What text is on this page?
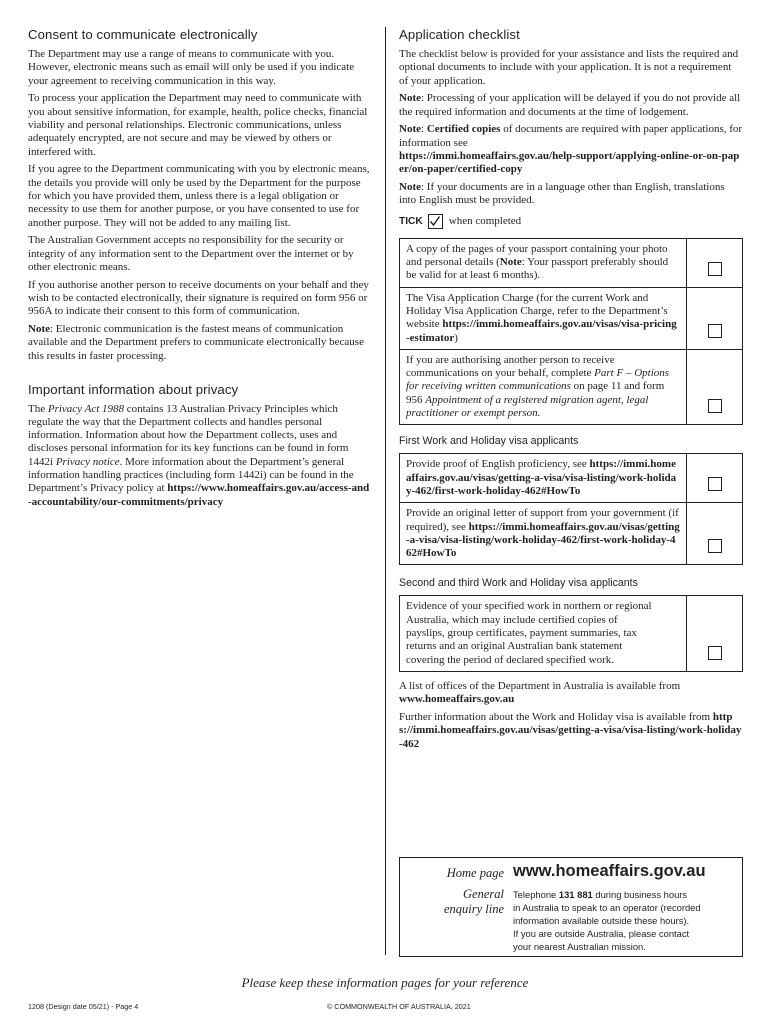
Consent to communicate electronically

The Department may use a range of means to communicate with you. However, electronic means such as email will only be used if you indicate your agreement to receiving communication in this way.

To process your application the Department may need to communicate with you about sensitive information, for example, health, police checks, financial viability and personal relationships. Electronic communications, unless adequately encrypted, are not secure and may be viewed by others or interfered with.

If you agree to the Department communicating with you by electronic means, the details you provide will only be used by the Department for the purpose for which you have provided them, unless there is a legal obligation or necessity to use them for another purpose, or you have consented to use for another purpose. They will not be added to any mailing list.

The Australian Government accepts no responsibility for the security or integrity of any information sent to the Department over the internet or by other electronic means.

If you authorise another person to receive documents on your behalf and they wish to be contacted electronically, their signature is required on form 956 or 956A to indicate their consent to this form of communication.

Note: Electronic communication is the fastest means of communication available and the Department prefers to communicate electronically because this results in faster processing.

Important information about privacy

The Privacy Act 1988 contains 13 Australian Privacy Principles which regulate the way that the Department collects and handles personal information. Information about how the Department collects, uses and discloses personal information for its key functions can be found in form 1442i Privacy notice. More information about the Department’s general information handling practices (including form 1442i) can be found in the Department’s Privacy policy at https://www.homeaffairs.gov.au/access-and-accountability/our-commitments/privacy

Application checklist

The checklist below is provided for your assistance and lists the required and optional documents to include with your application. It is not a requirement of your application.

Note: Processing of your application will be delayed if you do not provide all the required information and documents at the time of lodgement.

Note: Certified copies of documents are required with paper applications, for information see
https://immi.homeaffairs.gov.au/help-support/applying-online-or-on-paper/on-paper/certified-copy

Note: If your documents are in a language other than English, translations into English must be provided.

TICK when completed
A copy of the pages of your passport containing your photo and personal details (Note: Your passport preferably should be valid for at least 6 months).	
The Visa Application Charge (for the current Work and Holiday Visa Application Charge, refer to the Department’s website https://immi.homeaffairs.gov.au/visas/visa-pricing-estimator)	
If you are authorising another person to receive communications on your behalf, complete Part F – Options for receiving written communications on page 11 and form 956 Appointment of a registered migration agent, legal practitioner or exempt person.	
First Work and Holiday visa applicants
Provide proof of English proficiency, see https://immi.homeaffairs.gov.au/visas/getting-a-visa/visa-listing/work-holiday-462/first-work-holiday-462#HowTo	
Provide an original letter of support from your government (if required), see https://immi.homeaffairs.gov.au/visas/getting-a-visa/visa-listing/work-holiday-462/first-work-holiday-462#HowTo	
Second and third Work and Holiday visa applicants
Evidence of your specified work in northern or regional Australia, which may include certified copies of payslips, group certificates, payment summaries, tax returns and an original Australian bank statement covering the period of declared specified work.	

A list of offices of the Department in Australia is available from www.homeaffairs.gov.au

Further information about the Work and Holiday visa is available from https://immi.homeaffairs.gov.au/visas/getting-a-visa/visa-listing/work-holiday-462

Home page www.homeaffairs.gov.au
General
enquiry line
Telephone 131 881 during business hours
in Australia to speak to an operator (recorded
information available outside these hours).
If you are outside Australia, please contact
your nearest Australian mission.
Please keep these information pages for your reference
1208 (Design date 05/21) - Page 4	© COMMONWEALTH OF AUSTRALIA, 2021
